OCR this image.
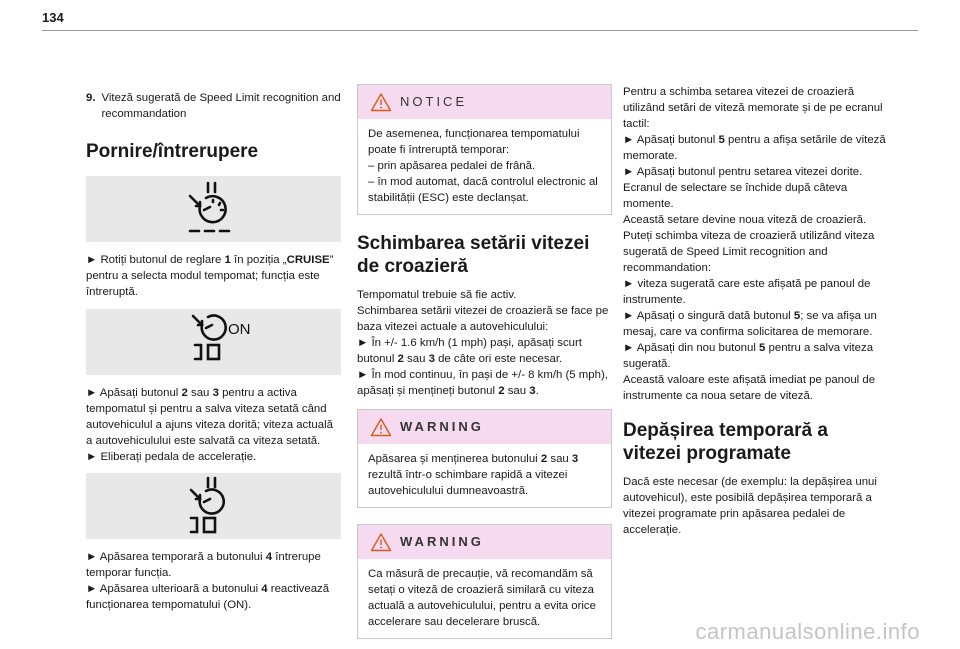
134
9. Viteză sugerată de Speed Limit recognition and recommandation
Pornire/întrerupere

► Rotiți butonul de reglare 1 în poziția „CRUISE” pentru a selecta modul tempomat; funcția este întreruptă.

ON

► Apăsați butonul 2 sau 3 pentru a activa tempomatul și pentru a salva viteza setată când autovehiculul a ajuns viteza dorită; viteza actuală a autovehiculului este salvată ca viteza setată.

► Eliberați pedala de accelerație.

► Apăsarea temporară a butonului 4 întrerupe temporar funcția.

► Apăsarea ulterioară a butonului 4 reactivează funcționarea tempomatului (ON).

NOTICE

De asemenea, funcționarea tempomatului poate fi întreruptă temporar:

– prin apăsarea pedalei de frână.

– în mod automat, dacă controlul electronic al stabilității (ESC) este declanșat.

Schimbarea setării vitezei de croazieră

Tempomatul trebuie să fie activ.

Schimbarea setării vitezei de croazieră se face pe baza vitezei actuale a autovehiculului:

► În +/- 1.6 km/h (1 mph) pași, apăsați scurt butonul 2 sau 3 de câte ori este necesar.

► În mod continuu, în pași de +/- 8 km/h (5 mph), apăsați și mențineți butonul 2 sau 3.

WARNING

Apăsarea și menținerea butonului 2 sau 3 rezultă într-o schimbare rapidă a vitezei autovehiculului dumneavoastră.

WARNING

Ca măsură de precauție, vă recomandăm să setați o viteză de croazieră similară cu viteza actuală a autovehiculului, pentru a evita orice accelerare sau decelerare bruscă.

Pentru a schimba setarea vitezei de croazieră utilizând setări de viteză memorate și de pe ecranul tactil:

► Apăsați butonul 5 pentru a afișa setările de viteză memorate.

► Apăsați butonul pentru setarea vitezei dorite.

Ecranul de selectare se închide după câteva momente.

Această setare devine noua viteză de croazieră.

Puteți schimba viteza de croazieră utilizând viteza sugerată de Speed Limit recognition and recommandation:

► viteza sugerată care este afișată pe panoul de instrumente.

► Apăsați o singură dată butonul 5; se va afișa un mesaj, care va confirma solicitarea de memorare.

► Apăsați din nou butonul 5 pentru a salva viteza sugerată.

Această valoare este afișată imediat pe panoul de instrumente ca noua setare de viteză.

Depășirea temporară a vitezei programate

Dacă este necesar (de exemplu: la depășirea unui autovehicul), este posibilă depășirea temporară a vitezei programate prin apăsarea pedalei de accelerație.

carmanualsonline.info
